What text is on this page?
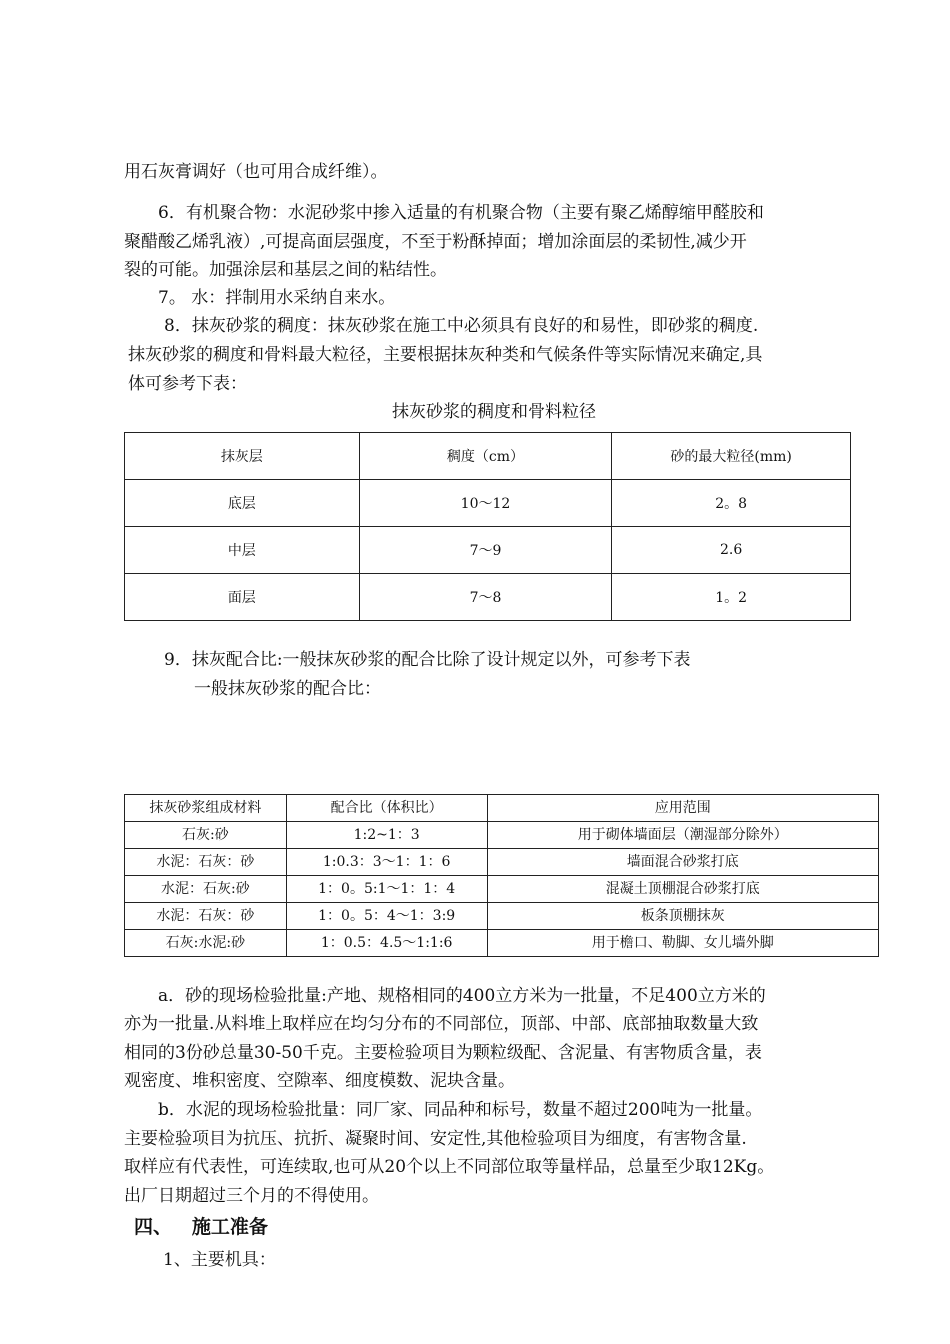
用石灰膏调好（也可用合成纤维）。
6．有机聚合物：水泥砂浆中掺入适量的有机聚合物（主要有聚乙烯醇缩甲醛胶和
聚醋酸乙烯乳液）,可提高面层强度，不至于粉酥掉面；增加涂面层的柔韧性,减少开
裂的可能。加强涂层和基层之间的粘结性。
7。 水：拌制用水采纳自来水。
8．抹灰砂浆的稠度：抹灰砂浆在施工中必须具有良好的和易性，即砂浆的稠度.
抹灰砂浆的稠度和骨料最大粒径，主要根据抹灰种类和气候条件等实际情况来确定,具
体可参考下表：
抹灰砂浆的稠度和骨料粒径
抹灰层	稠度（cm）	砂的最大粒径(mm)
底层	10～12	2。8
中层	7～9	2.6
面层	7～8	1。2
9．抹灰配合比:一般抹灰砂浆的配合比除了设计规定以外，可参考下表
一般抹灰砂浆的配合比：
抹灰砂浆组成材料	配合比（体积比）	应用范围
石灰:砂	1:2~1：3	用于砌体墙面层（潮湿部分除外）
水泥：石灰：砂	1:0.3：3～1：1：6	墙面混合砂浆打底
水泥：石灰:砂	1：0。5:1～1：1：4	混凝土顶棚混合砂浆打底
水泥：石灰：砂	1：0。5：4～1：3:9	板条顶棚抹灰
石灰:水泥:砂	1：0.5：4.5～1:1:6	用于檐口、勒脚、女儿墙外脚
a．砂的现场检验批量:产地、规格相同的400立方米为一批量，不足400立方米的
亦为一批量.从料堆上取样应在均匀分布的不同部位，顶部、中部、底部抽取数量大致
相同的3份砂总量30-50千克。主要检验项目为颗粒级配、含泥量、有害物质含量，表
观密度、堆积密度、空隙率、细度模数、泥块含量。
b．水泥的现场检验批量：同厂家、同品种和标号，数量不超过200吨为一批量。
主要检验项目为抗压、抗折、凝聚时间、安定性,其他检验项目为细度，有害物含量.
取样应有代表性，可连续取,也可从20个以上不同部位取等量样品，总量至少取12Kg。
出厂日期超过三个月的不得使用。
四、   施工准备
1、主要机具：
